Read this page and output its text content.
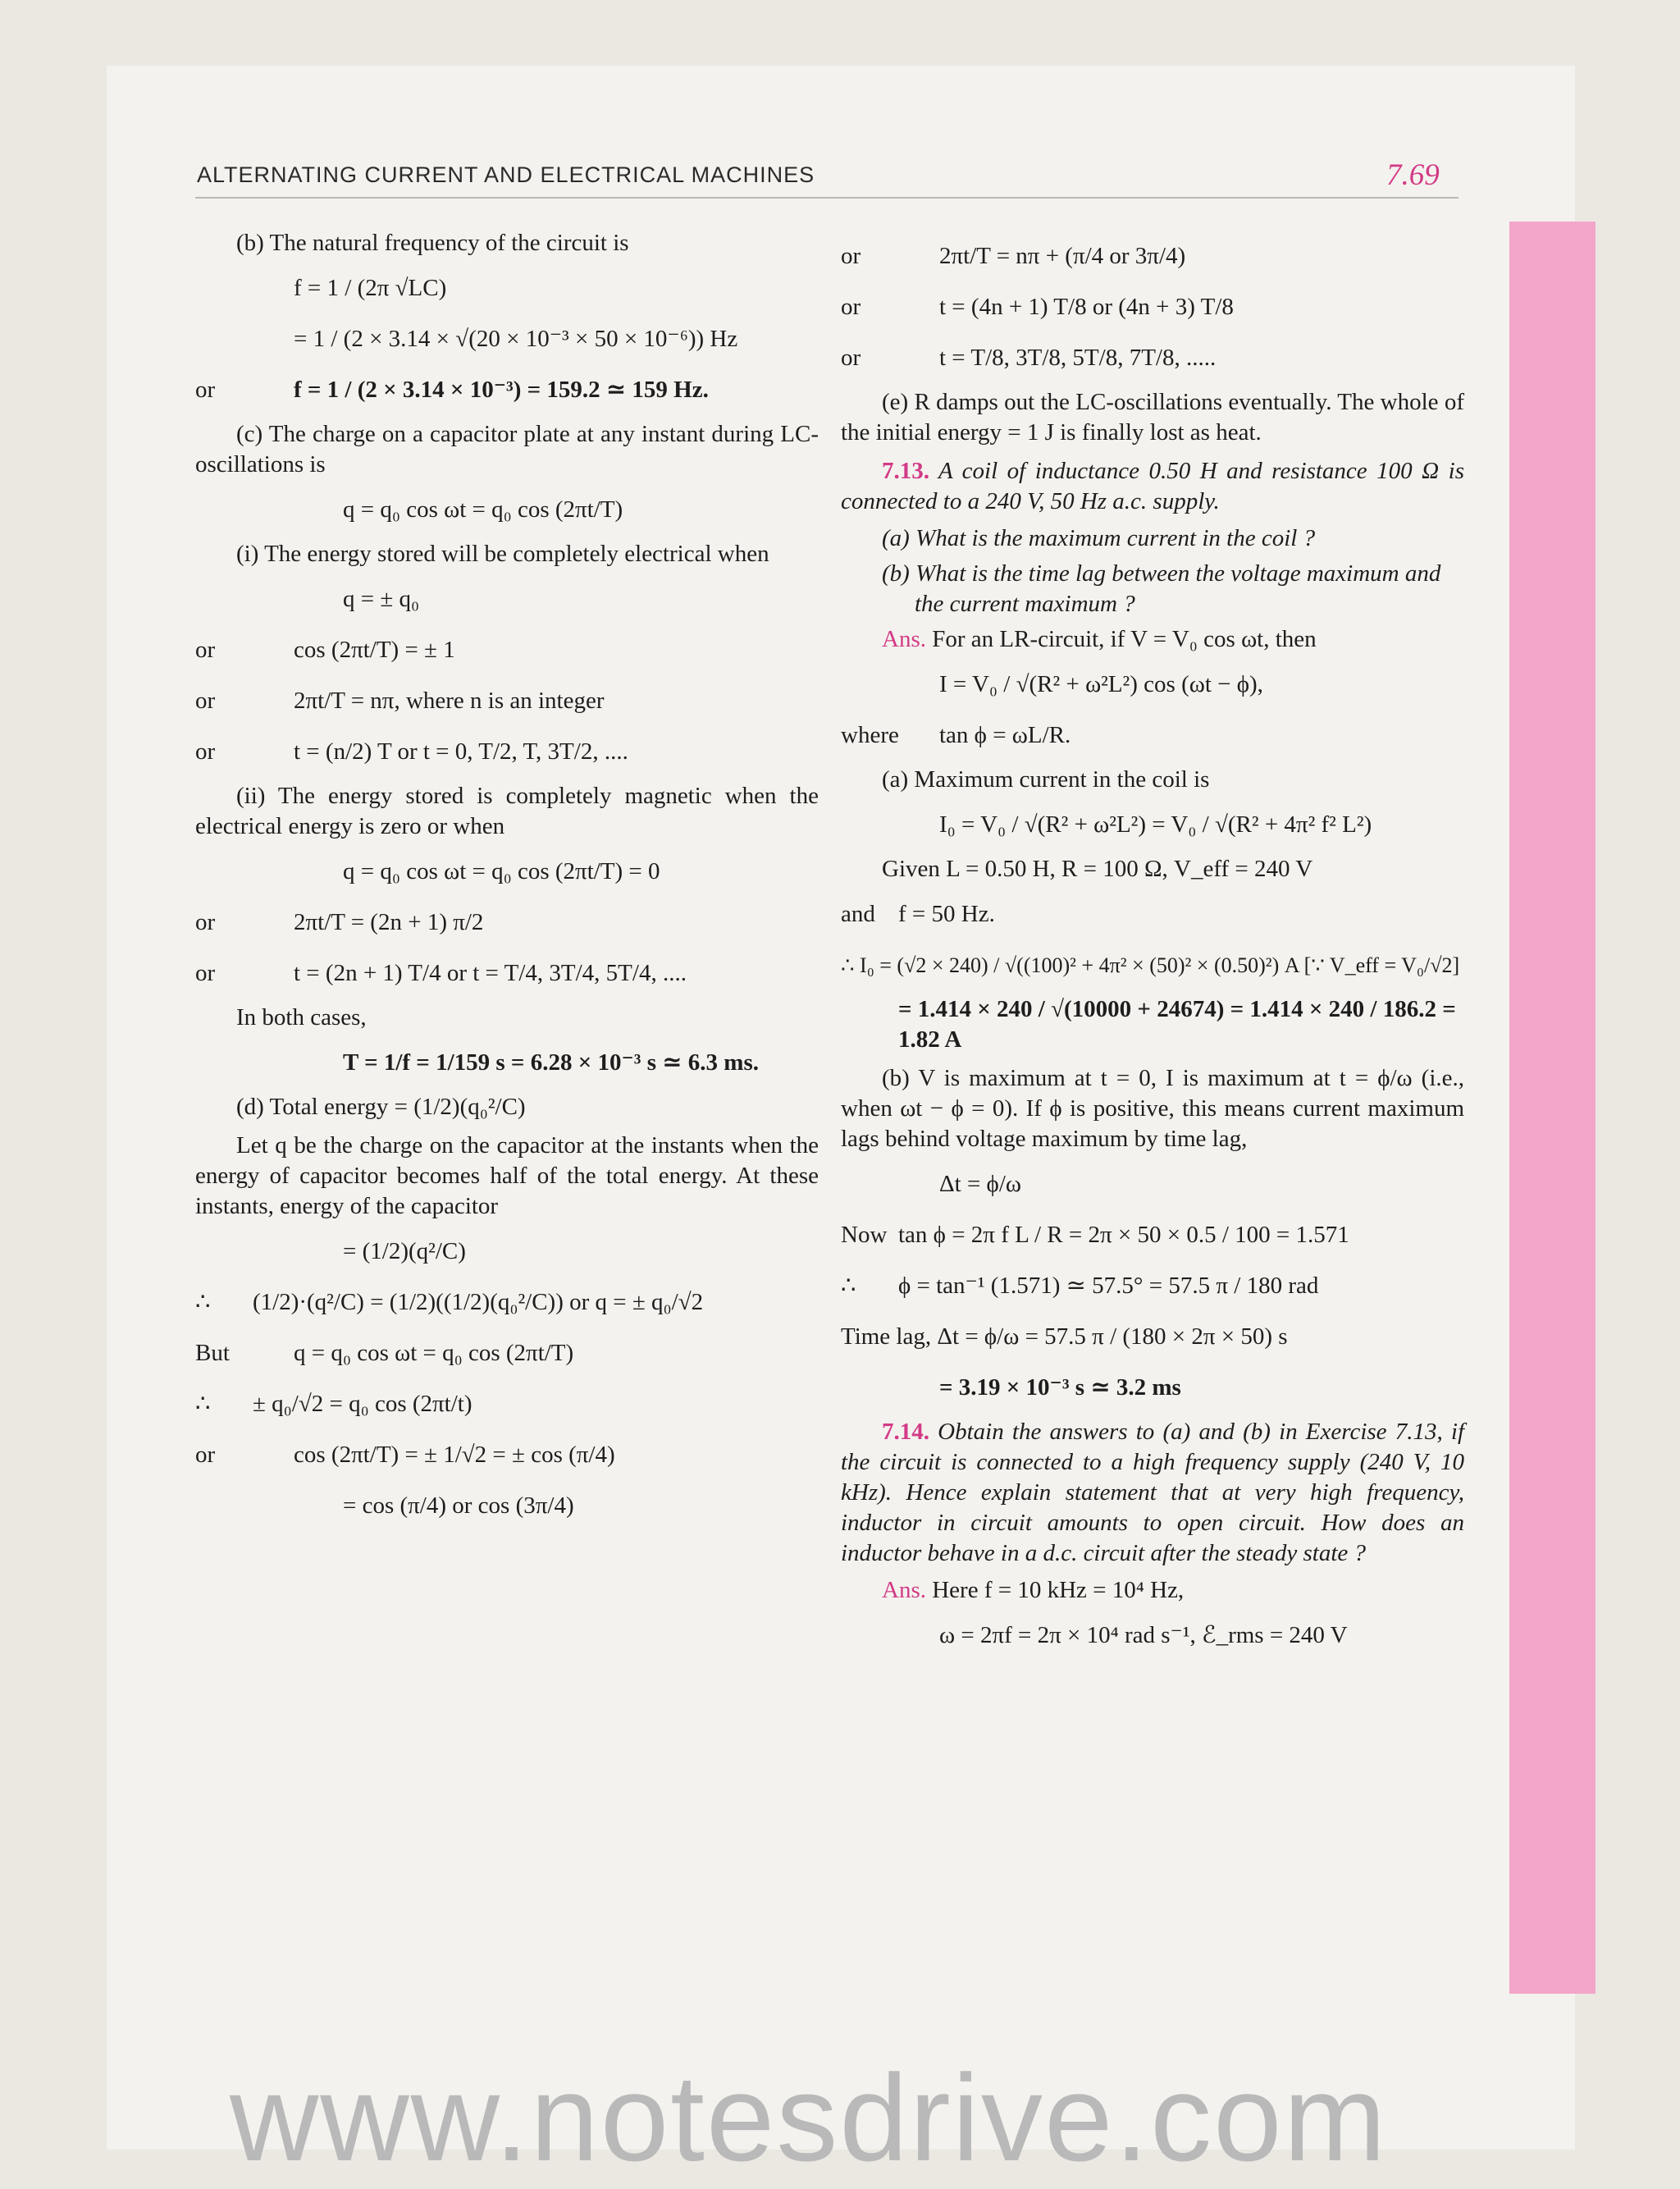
ALTERNATING CURRENT AND ELECTRICAL MACHINES	7.69

(b) The natural frequency of the circuit is

f = 1 / (2π √LC)
= 1 / (2 × 3.14 × √(20 × 10⁻³ × 50 × 10⁻⁶)) Hz
or	f = 1 / (2 × 3.14 × 10⁻³) = 159.2 ≃ 159 Hz.

(c) The charge on a capacitor plate at any instant during LC-oscillations is

q = q₀ cos ωt = q₀ cos (2πt/T)

(i) The energy stored will be completely electrical when

q = ± q₀
or	cos (2πt/T) = ± 1
or	2πt/T = nπ, where n is an integer
or	t = (n/2) T or t = 0, T/2, T, 3T/2, ....

(ii) The energy stored is completely magnetic when the electrical energy is zero or when

q = q₀ cos ωt = q₀ cos (2πt/T) = 0
or	2πt/T = (2n + 1) π/2
or	t = (2n + 1) T/4 or t = T/4, 3T/4, 5T/4, ....

In both cases,

T = 1/f = 1/159 s = 6.28 × 10⁻³ s ≃ 6.3 ms.

(d) Total energy = (1/2)(q₀²/C)

Let q be the charge on the capacitor at the instants when the energy of capacitor becomes half of the total energy. At these instants, energy of the capacitor

= (1/2)(q²/C)
∴	(1/2)·(q²/C) = (1/2)((1/2)(q₀²/C)) or q = ± q₀/√2
But	q = q₀ cos ωt = q₀ cos (2πt/T)
∴	± q₀/√2 = q₀ cos (2πt/t)
or	cos (2πt/T) = ± 1/√2 = ± cos (π/4)
= cos (π/4) or cos (3π/4)
or	2πt/T = nπ + (π/4 or 3π/4)
or	t = (4n + 1) T/8 or (4n + 3) T/8
or	t = T/8, 3T/8, 5T/8, 7T/8, .....

(e) R damps out the LC-oscillations eventually. The whole of the initial energy = 1 J is finally lost as heat.

7.13. A coil of inductance 0.50 H and resistance 100 Ω is connected to a 240 V, 50 Hz a.c. supply.

(a) What is the maximum current in the coil ?

(b) What is the time lag between the voltage maximum and the current maximum ?

Ans. For an LR-circuit, if V = V₀ cos ωt, then

I = V₀ / √(R² + ω²L²) cos (ωt − ϕ),
where	tan ϕ = ωL/R.

(a) Maximum current in the coil is

I₀ = V₀ / √(R² + ω²L²) = V₀ / √(R² + 4π² f² L²)

Given L = 0.50 H, R = 100 Ω, V_eff = 240 V

and f = 50 Hz.
∴ I₀ = (√2 × 240) / √((100)² + 4π² × (50)² × (0.50)²) A [∵ V_eff = V₀/√2]
= 1.414 × 240 / √(10000 + 24674) = 1.414 × 240 / 186.2 = 1.82 A

(b) V is maximum at t = 0, I is maximum at t = ϕ/ω (i.e., when ωt − ϕ = 0). If ϕ is positive, this means current maximum lags behind voltage maximum by time lag,

Δt = ϕ/ω
Now tan ϕ = 2π f L / R = 2π × 50 × 0.5 / 100 = 1.571
∴	ϕ = tan⁻¹ (1.571) ≃ 57.5° = 57.5 π / 180 rad
Time lag, Δt = ϕ/ω = 57.5 π / (180 × 2π × 50) s
= 3.19 × 10⁻³ s ≃ 3.2 ms

7.14. Obtain the answers to (a) and (b) in Exercise 7.13, if the circuit is connected to a high frequency supply (240 V, 10 kHz). Hence explain statement that at very high frequency, inductor in circuit amounts to open circuit. How does an inductor behave in a d.c. circuit after the steady state ?

Ans. Here f = 10 kHz = 10⁴ Hz,

ω = 2πf = 2π × 10⁴ rad s⁻¹, ℰ_rms = 240 V
www.notesdrive.com
